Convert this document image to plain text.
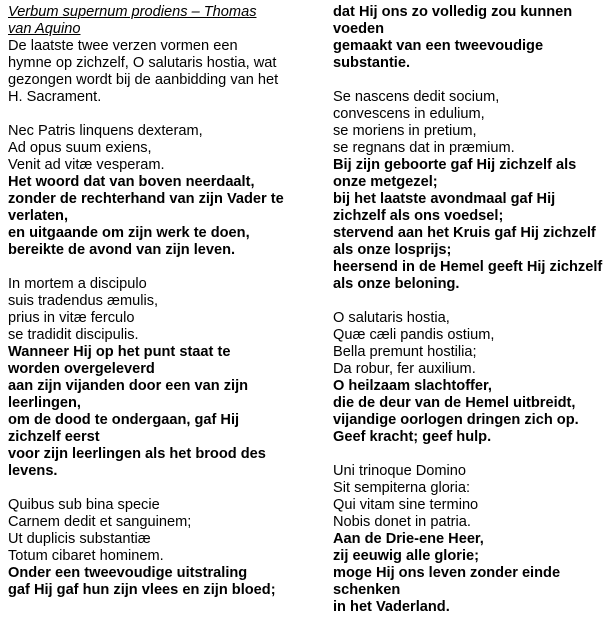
Verbum supernum prodiens – Thomas
van Aquino
De laatste twee verzen vormen een
hymne op zichzelf, O salutaris hostia, wat
gezongen wordt bij de aanbidding van het
H. Sacrament.
Nec Patris linquens dexteram,
Ad opus suum exiens,
Venit ad vitæ vesperam.
Het woord dat van boven neerdaalt,
zonder de rechterhand van zijn Vader te
verlaten,
en uitgaande om zijn werk te doen,
bereikte de avond van zijn leven.
In mortem a discipulo
suis tradendus æmulis,
prius in vitæ ferculo
se tradidit discipulis.
Wanneer Hij op het punt staat te
worden overgeleverd
aan zijn vijanden door een van zijn
leerlingen,
om de dood te ondergaan, gaf Hij
zichzelf eerst
voor zijn leerlingen als het brood des
levens.
Quibus sub bina specie
Carnem dedit et sanguinem;
Ut duplicis substantiæ
Totum cibaret hominem.
Onder een tweevoudige uitstraling
gaf Hij gaf hun zijn vlees en zijn bloed;
dat Hij ons zo volledig zou kunnen
voeden
gemaakt van een tweevoudige
substantie.
Se nascens dedit socium,
convescens in edulium,
se moriens in pretium,
se regnans dat in præmium.
Bij zijn geboorte gaf Hij zichzelf als
onze metgezel;
bij het laatste avondmaal gaf Hij
zichzelf als ons voedsel;
stervend aan het Kruis gaf Hij zichzelf
als onze losprijs;
heersend in de Hemel geeft Hij zichzelf
als onze beloning.
O salutaris hostia,
Quæ cæli pandis ostium,
Bella premunt hostilia;
Da robur, fer auxilium.
O heilzaam slachtoffer,
die de deur van de Hemel uitbreidt,
vijandige oorlogen dringen zich op.
Geef kracht; geef hulp.
Uni trinoque Domino
Sit sempiterna gloria:
Qui vitam sine termino
Nobis donet in patria.
Aan de Drie-ene Heer,
zij eeuwig alle glorie;
moge Hij ons leven zonder einde
schenken
in het Vaderland.
